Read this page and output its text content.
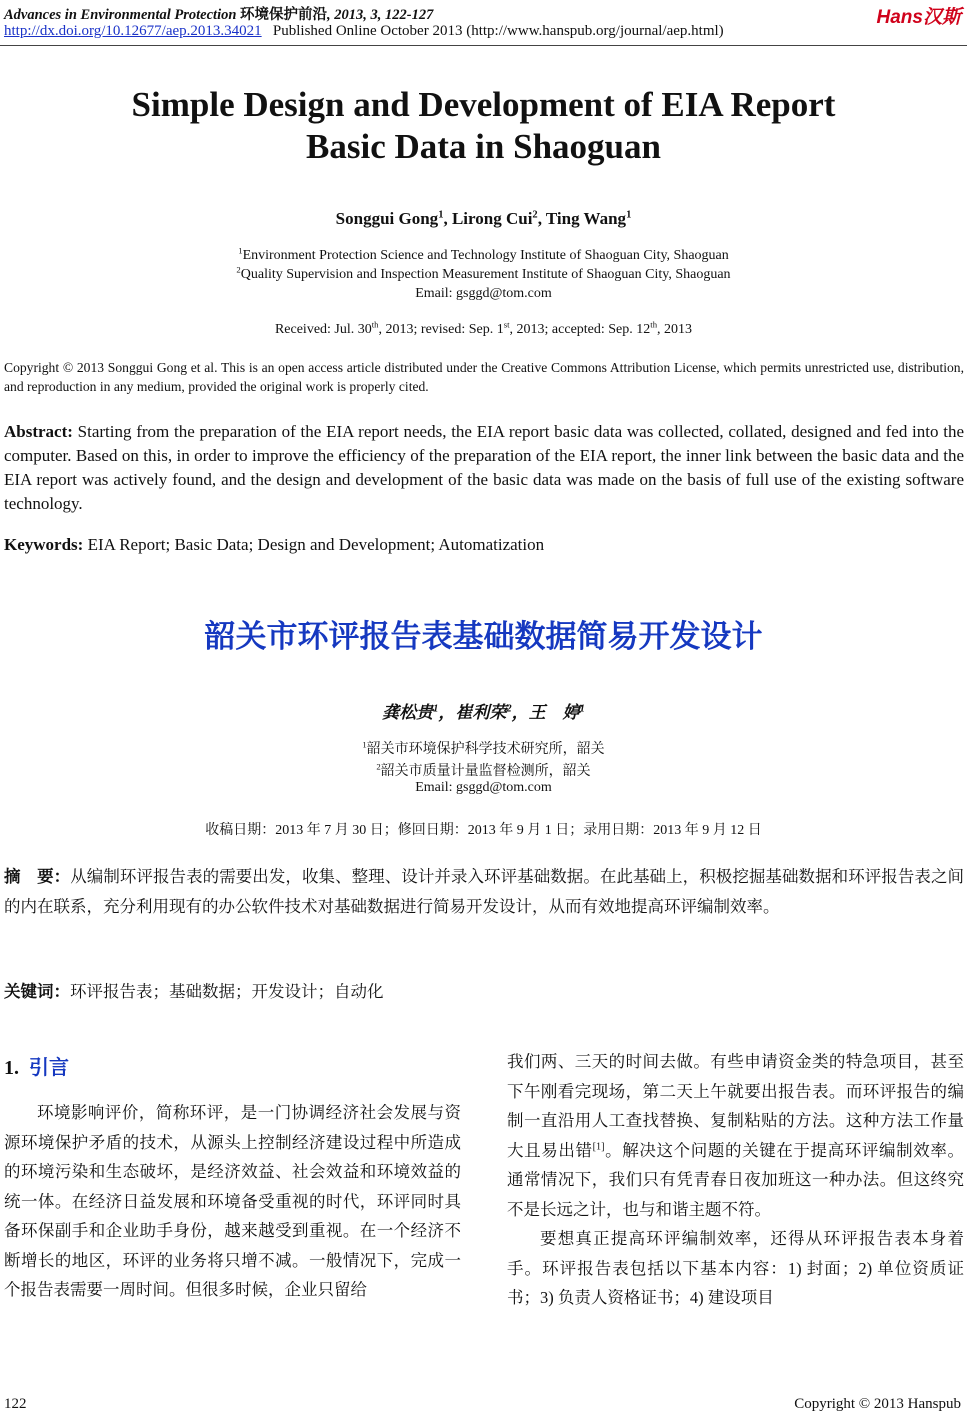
Advances in Environmental Protection 环境保护前沿, 2013, 3, 122-127	Hans汉斯
http://dx.doi.org/10.12677/aep.2013.34021 Published Online October 2013 (http://www.hanspub.org/journal/aep.html)
Simple Design and Development of EIA Report
Basic Data in Shaoguan
Songgui Gong$^1$, Lirong Cui$^2$, Ting Wang$^1$
$^1$Environment Protection Science and Technology Institute of Shaoguan City, Shaoguan
$^2$Quality Supervision and Inspection Measurement Institute of Shaoguan City, Shaoguan
Email: gsggd@tom.com
Received: Jul. 30th, 2013; revised: Sep. 1st, 2013; accepted: Sep. 12th, 2013
Copyright © 2013 Songgui Gong et al. This is an open access article distributed under the Creative Commons Attribution License, which permits unrestricted use, distribution, and reproduction in any medium, provided the original work is properly cited.
Abstract: Starting from the preparation of the EIA report needs, the EIA report basic data was collected, collated, designed and fed into the computer. Based on this, in order to improve the efficiency of the preparation of the EIA report, the inner link between the basic data and the EIA report was actively found, and the design and development of the basic data was made on the basis of full use of the existing software technology.
Keywords: EIA Report; Basic Data; Design and Development; Automatization
韶关市环评报告表基础数据简易开发设计
龚松贵$^1$，崔利荣$^2$，王　婷$^1$
$^1$韶关市环境保护科学技术研究所，韶关
$^2$韶关市质量计量监督检测所，韶关
Email: gsggd@tom.com
收稿日期：2013 年 7 月 30 日；修回日期：2013 年 9 月 1 日；录用日期：2013 年 9 月 12 日
摘　要：从编制环评报告表的需要出发，收集、整理、设计并录入环评基础数据。在此基础上，积极挖掘基础数据和环评报告表之间的内在联系，充分利用现有的办公软件技术对基础数据进行简易开发设计，从而有效地提高环评编制效率。
关键词：环评报告表；基础数据；开发设计；自动化
1. 引言

环境影响评价，简称环评，是一门协调经济社会发展与资源环境保护矛盾的技术，从源头上控制经济建设过程中所造成的环境污染和生态破坏，是经济效益、社会效益和环境效益的统一体。在经济日益发展和环境备受重视的时代，环评同时具备环保副手和企业助手身份，越来越受到重视。在一个经济不断增长的地区，环评的业务将只增不减。一般情况下，完成一个报告表需要一周时间。但很多时候，企业只留给

我们两、三天的时间去做。有些申请资金类的特急项目，甚至下午刚看完现场，第二天上午就要出报告表。而环评报告的编制一直沿用人工查找替换、复制粘贴的方法。这种方法工作量大且易出错[1]。解决这个问题的关键在于提高环评编制效率。通常情况下，我们只有凭青春日夜加班这一种办法。但这终究不是长远之计，也与和谐主题不符。

要想真正提高环评编制效率，还得从环评报告表本身着手。环评报告表包括以下基本内容：1) 封面；2) 单位资质证书；3) 负责人资格证书；4) 建设项目

122	Copyright © 2013 Hanspub
